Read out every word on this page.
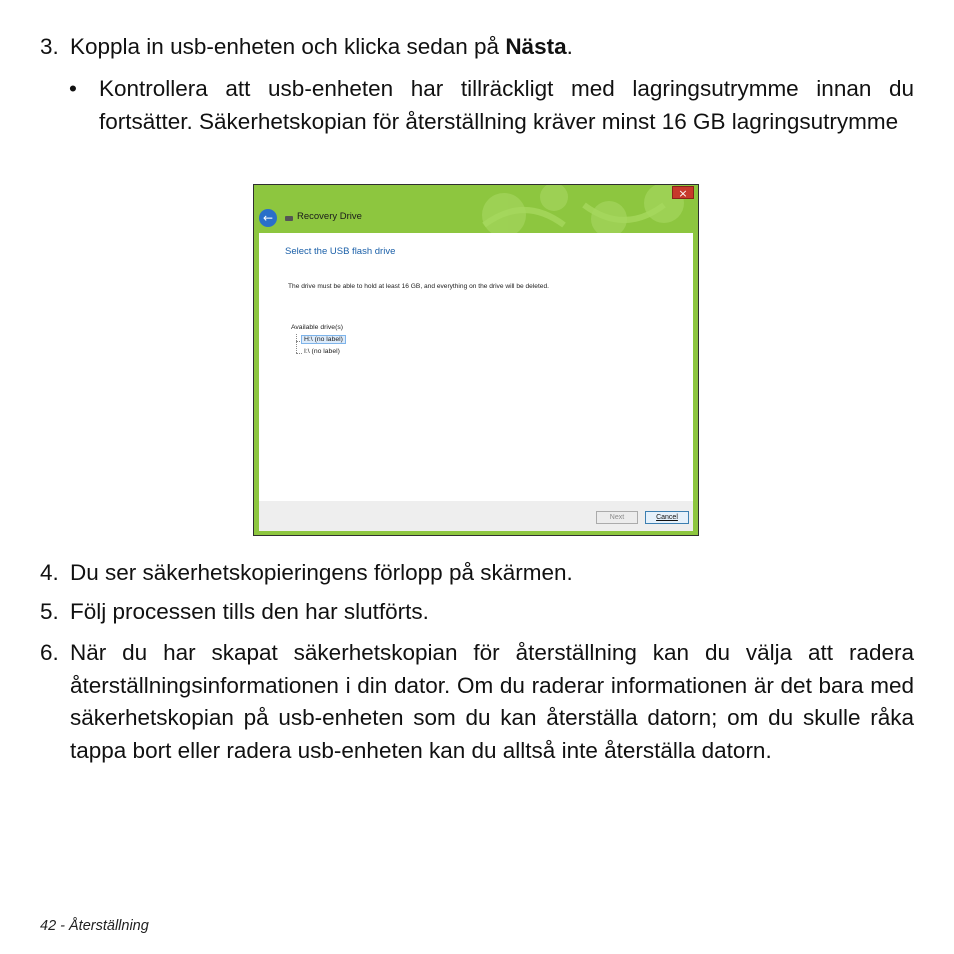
3. Koppla in usb-enheten och klicka sedan på Nästa.
• Kontrollera att usb-enheten har tillräckligt med lagringsutrymme innan du fortsätter. Säkerhetskopian för återställning kräver minst 16 GB lagringsutrymme
×
←	Recovery Drive
Select the USB flash drive
The drive must be able to hold at least 16 GB, and everything on the drive will be deleted.
Available drive(s)
H:\ (no label)
I:\ (no label)
Next	Cancel
4. Du ser säkerhetskopieringens förlopp på skärmen.
5. Följ processen tills den har slutförts.
6. När du har skapat säkerhetskopian för återställning kan du välja att radera återställningsinformationen i din dator. Om du raderar informationen är det bara med säkerhetskopian på usb-enheten som du kan återställa datorn; om du skulle råka tappa bort eller radera usb-enheten kan du alltså inte återställa datorn.
42 - Återställning
